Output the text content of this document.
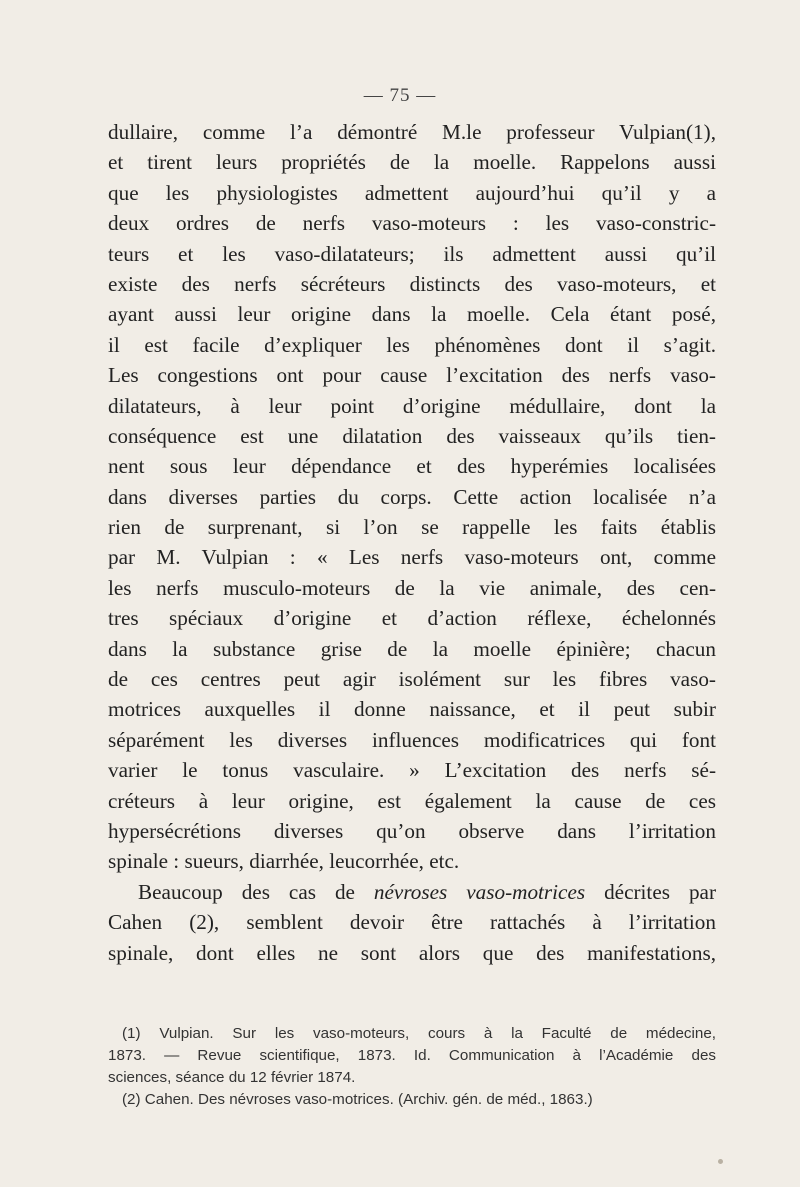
— 75 —
dullaire, comme l’a démontré M.le professeur Vulpian(1),
et tirent leurs propriétés de la moelle. Rappelons aussi
que les physiologistes admettent aujourd’hui qu’il y a
deux ordres de nerfs vaso-moteurs : les vaso-constric-
teurs et les vaso-dilatateurs; ils admettent aussi qu’il
existe des nerfs sécréteurs distincts des vaso-moteurs, et
ayant aussi leur origine dans la moelle. Cela étant posé,
il est facile d’expliquer les phénomènes dont il s’agit.
Les congestions ont pour cause l’excitation des nerfs vaso-
dilatateurs, à leur point d’origine médullaire, dont la
conséquence est une dilatation des vaisseaux qu’ils tien-
nent sous leur dépendance et des hyperémies localisées
dans diverses parties du corps. Cette action localisée n’a
rien de surprenant, si l’on se rappelle les faits établis
par M. Vulpian : « Les nerfs vaso-moteurs ont, comme
les nerfs musculo-moteurs de la vie animale, des cen-
tres spéciaux d’origine et d’action réflexe, échelonnés
dans la substance grise de la moelle épinière; chacun
de ces centres peut agir isolément sur les fibres vaso-
motrices auxquelles il donne naissance, et il peut subir
séparément les diverses influences modificatrices qui font
varier le tonus vasculaire. » L’excitation des nerfs sé-
créteurs à leur origine, est également la cause de ces
hypersécrétions diverses qu’on observe dans l’irritation
spinale : sueurs, diarrhée, leucorrhée, etc.
Beaucoup des cas de névroses vaso-motrices décrites par
Cahen (2), semblent devoir être rattachés à l’irritation
spinale, dont elles ne sont alors que des manifestations,
(1) Vulpian. Sur les vaso-moteurs, cours à la Faculté de médecine,
1873. — Revue scientifique, 1873. Id. Communication à l’Académie des
sciences, séance du 12 février 1874.
(2) Cahen. Des névroses vaso-motrices. (Archiv. gén. de méd., 1863.)
